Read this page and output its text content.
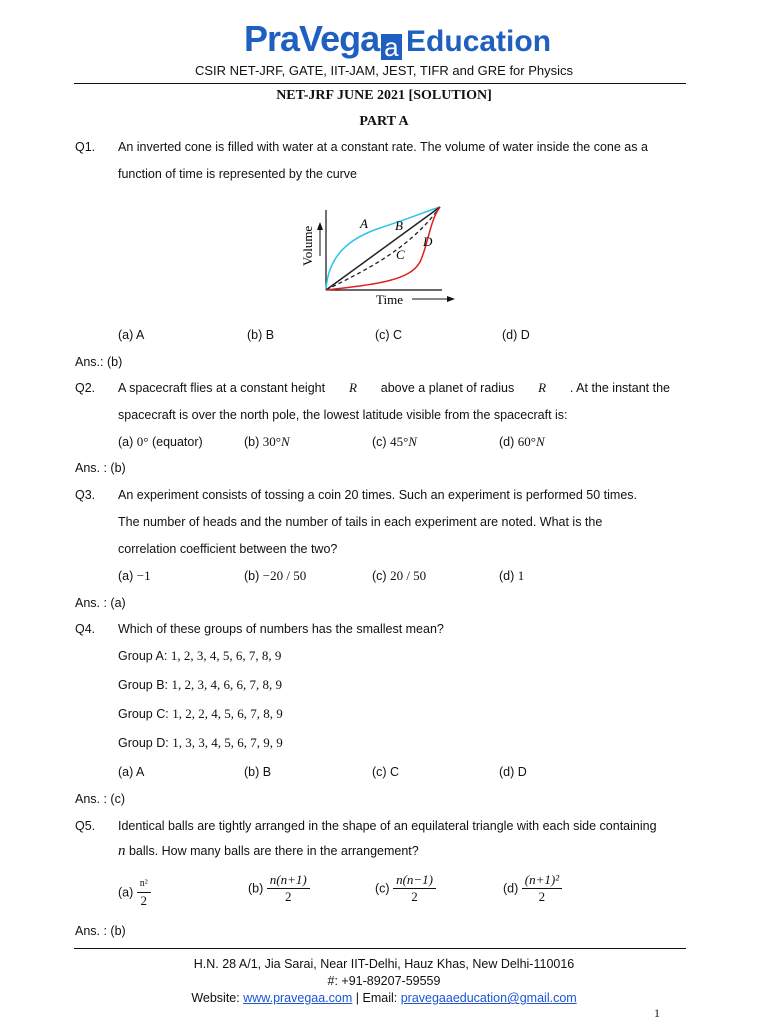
PraVega a Education
CSIR NET-JRF, GATE, IIT-JAM, JEST, TIFR and GRE for Physics
NET-JRF JUNE 2021 [SOLUTION]
PART A
Q1. An inverted cone is filled with water at a constant rate. The volume of water inside the cone as a
function of time is represented by the curve
Volume
Time
A B
C
D
(a) A	(b) B	(c) C	(d) D
Ans.: (b)
Q2. A spacecraft flies at a constant height R above a planet of radius R . At the instant the
spacecraft is over the north pole, the lowest latitude visible from the spacecraft is:
(a) 0° (equator)	(b) 30°N	(c) 45°N	(d) 60°N
Ans. : (b)
Q3. An experiment consists of tossing a coin 20 times. Such an experiment is performed 50 times.
The number of heads and the number of tails in each experiment are noted. What is the
correlation coefficient between the two?
(a) −1	(b) −20 / 50	(c) 20 / 50	(d) 1
Ans. : (a)
Q4. Which of these groups of numbers has the smallest mean?
Group A: 1, 2, 3, 4, 5, 6, 7, 8, 9
Group B: 1, 2, 3, 4, 6, 6, 7, 8, 9
Group C: 1, 2, 2, 4, 5, 6, 7, 8, 9
Group D: 1, 3, 3, 4, 5, 6, 7, 9, 9
(a) A	(b) B	(c) C	(d) D
Ans. : (c)
Q5. Identical balls are tightly arranged in the shape of an equilateral triangle with each side containing
n balls. How many balls are there in the arrangement?
$(a) \frac{\text{n²}}{2}$	$(b) \frac{n(n+1)}{2}$	$(c) \frac{n(n-1)}{2}$	$(d) \frac{\text{(n+1)²}}{2}$
Ans. : (b)
H.N. 28 A/1, Jia Sarai, Near IIT-Delhi, Hauz Khas, New Delhi-110016
#: +91-89207-59559
Website: www.pravegaa.com | Email: pravegaaeducation@gmail.com
1
